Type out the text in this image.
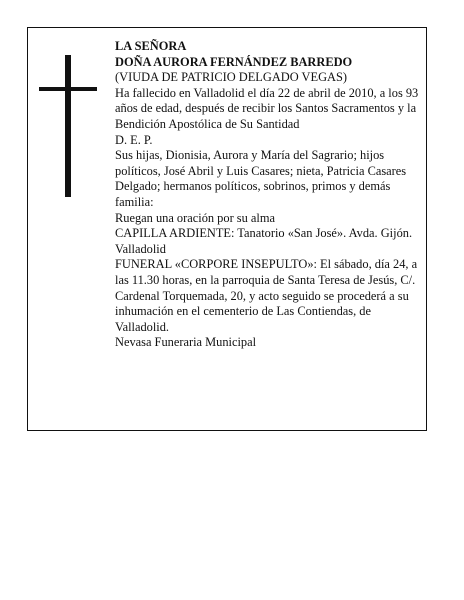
LA SEÑORA

DOÑA AURORA FERNÁNDEZ BARREDO

(VIUDA DE PATRICIO DELGADO VEGAS)

Ha fallecido en Valladolid el día 22 de abril de 2010, a los 93 años de edad, después de recibir los Santos Sacramentos y la Bendición Apostólica de Su Santidad

D. E. P.

Sus hijas, Dionisia, Aurora y María del Sagrario; hijos políticos, José Abril y Luis Casares; nieta, Patricia Casares Delgado; hermanos políticos, sobrinos, primos y demás familia:

Ruegan una oración por su alma

CAPILLA ARDIENTE: Tanatorio «San José». Avda. Gijón. Valladolid

FUNERAL «CORPORE INSEPULTO»: El sábado, día 24, a las 11.30 horas, en la parroquia de Santa Teresa de Jesús, C/. Cardenal Torquemada, 20, y acto seguido se procederá a su inhumación en el cementerio de Las Contiendas, de Valladolid.

Nevasa Funeraria Municipal
